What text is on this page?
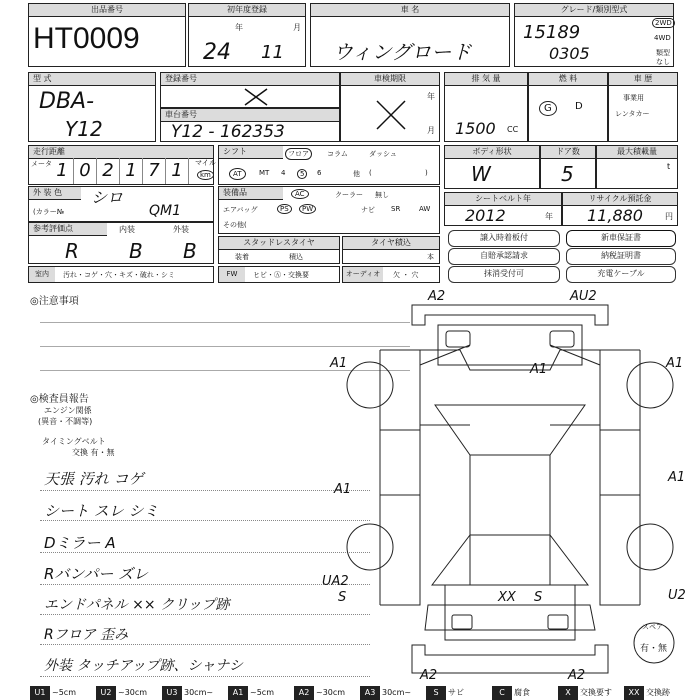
出品番号
HT0009
初年度登録
年	月
24 11
車 名
ウィングロード
グレード/類別型式
15189
0305
2WD
4WD
類型
なし
型 式
DBA-
Y12
登録番号
車台番号
Y12 - 162353
車検期限
年
月
排 気 量
1500 CC
燃 料
G	D
車 歴
事業用
レンタカー
走行距離
メータ 1 0 2 1 7 1	マイル
km
シフト	フロア	コラム	ダッシュ
AT	MT 4	5	6	他 (	)
ボディ形状
W
ドア数
5
最大積載量
t
外 装 色	シロ
(カラー№	QM1
装備品	AC	クーラー 無し
エアバッグ	PS	PW	ナビ SR	AW
その他(
シートベルト年
2012	年
リサイクル預託金
11,880	円
参考評価点	内装	外装
R	B B	スタッドレスタイヤ
装着	積込
タイヤ積込
本
譲入時着板付	新車保証書
自賠承認請求	納税証明書
抹消受付可	充電ケーブル
室内	汚れ・コゲ・穴・キズ・破れ・シミ	FW	ヒビ・Ⓐ・交換要	オーディオ	欠 ・ 穴
◎注意事項
◎検査員報告
エンジン関係
(異音・不調等)
タイミングベルト
交換 有・無
天張 汚れ コゲ
シート スレ シミ
Dミラー A
Rバンパー ズレ
エンドパネル ×× クリップ跡
Rフロア 歪み
外装 タッチアップ跡、シャナシ
A2	AU2
A1
A1	A1
A1
UA2
S
A1
U2
XX S
A2	A2
スペア
有・無
U1 ~5cm	U2 ~30cm	U3 30cm~	A1 ~5cm	A2 ~30cm	A3 30cm~	S	サビ	C	腐食	X	交換要す	XX 交換跡
